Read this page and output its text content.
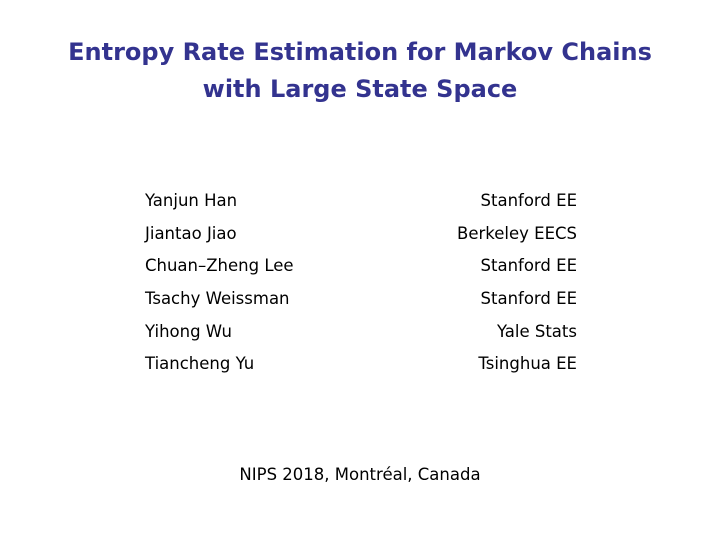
Entropy Rate Estimation for Markov Chains
with Large State Space
Yanjun Han	Stanford EE
Jiantao Jiao	Berkeley EECS
Chuan–Zheng Lee	Stanford EE
Tsachy Weissman	Stanford EE
Yihong Wu	Yale Stats
Tiancheng Yu	Tsinghua EE
NIPS 2018, Montréal, Canada
